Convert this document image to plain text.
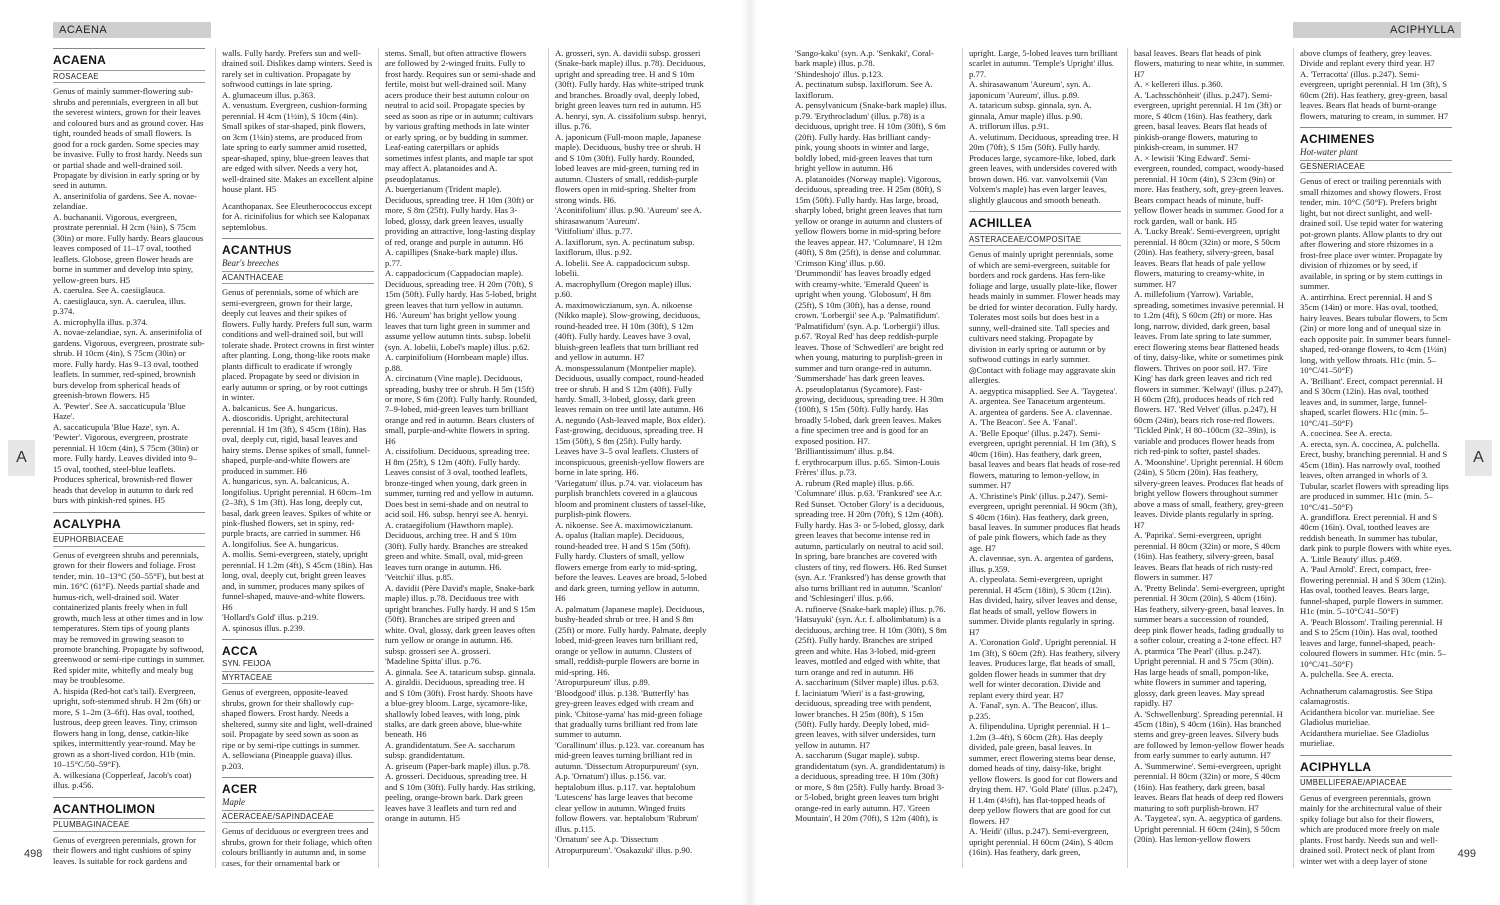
ACAENA	ACIPHYLLA
A	A
498	499
ACAENA
ROSACEAE
Genus of mainly summer-flowering sub-shrubs and perennials, evergreen in all but the severest winters, grown for their leaves and coloured burs and as ground cover. Has tight, rounded heads of small flowers. Is good for a rock garden. Some species may be invasive. Fully to frost hardy. Needs sun or partial shade and well-drained soil. Propagate by division in early spring or by seed in autumn.
A. anserinifolia of gardens. See A. novae-zelandiae.
A. buchananii. Vigorous, evergreen, prostrate perennial. H 2cm (¾in), S 75cm (30in) or more. Fully hardy. Bears glaucous leaves composed of 11–17 oval, toothed leaflets. Globose, green flower heads are borne in summer and develop into spiny, yellow-green burs. H5
A. caerulea. See A. caesiiglauca.
A. caesiiglauca, syn. A. caerulea, illus. p.374.
A. microphylla illus. p.374.
A. novae-zelandiae, syn. A. anserinifolia of gardens. Vigorous, evergreen, prostrate sub-shrub. H 10cm (4in), S 75cm (30in) or more. Fully hardy. Has 9–13 oval, toothed leaflets. In summer, red-spined, brownish burs develop from spherical heads of greenish-brown flowers. H5
A. 'Pewter'. See A. saccaticupula 'Blue Haze'.
A. saccaticupula 'Blue Haze', syn. A. 'Pewter'. Vigorous, evergreen, prostrate perennial. H 10cm (4in), S 75cm (30in) or more. Fully hardy. Leaves divided into 9–15 oval, toothed, steel-blue leaflets. Produces spherical, brownish-red flower heads that develop in autumn to dark red burs with pinkish-red spines. H5
ACALYPHA
EUPHORBIACEAE
Genus of evergreen shrubs and perennials, grown for their flowers and foliage. Frost tender, min. 10–13°C (50–55°F), but best at min. 16°C (61°F). Needs partial shade and humus-rich, well-drained soil. Water containerized plants freely when in full growth, much less at other times and in low temperatures. Stem tips of young plants may be removed in growing season to promote branching. Propagate by softwood, greenwood or semi-ripe cuttings in summer. Red spider mite, whitefly and mealy bug may be troublesome.
A. hispida (Red-hot cat's tail). Evergreen, upright, soft-stemmed shrub. H 2m (6ft) or more, S 1–2m (3–6ft). Has oval, toothed, lustrous, deep green leaves. Tiny, crimson flowers hang in long, dense, catkin-like spikes, intermittently year-round. May be grown as a short-lived cordon. H1b (min. 10–15°C/50–59°F).
A. wilkesiana (Copperleaf, Jacob's coat) illus. p.456.
ACANTHOLIMON
PLUMBAGINACEAE
Genus of evergreen perennials, grown for their flowers and tight cushions of spiny leaves. Is suitable for rock gardens and
walls. Fully hardy. Prefers sun and well-drained soil. Dislikes damp winters. Seed is rarely set in cultivation. Propagate by softwood cuttings in late spring.
A. glumaceum illus. p.363.
A. venustum. Evergreen, cushion-forming perennial. H 4cm (1½in), S 10cm (4in). Small spikes of star-shaped, pink flowers, on 3cm (1¼in) stems, are produced from late spring to early summer amid rosetted, spear-shaped, spiny, blue-green leaves that are edged with silver. Needs a very hot, well-drained site. Makes an excellent alpine house plant. H5
Acanthopanax. See Eleutherococcus except for A. ricinifolius for which see Kalopanax septemlobus.
ACANTHUS

Bear's breeches

ACANTHACEAE
Genus of perennials, some of which are semi-evergreen, grown for their large, deeply cut leaves and their spikes of flowers. Fully hardy. Prefers full sun, warm conditions and well-drained soil, but will tolerate shade. Protect crowns in first winter after planting. Long, thong-like roots make plants difficult to eradicate if wrongly placed. Propagate by seed or division in early autumn or spring, or by root cuttings in winter.
A. balcanicus. See A. hungaricus.
A. dioscoridis. Upright, architectural perennial. H 1m (3ft), S 45cm (18in). Has oval, deeply cut, rigid, basal leaves and hairy stems. Dense spikes of small, funnel-shaped, purple-and-white flowers are produced in summer. H6
A. hungaricus, syn. A. balcanicus, A. longifolius. Upright perennial. H 60cm–1m (2–3ft), S 1m (3ft). Has long, deeply cut, basal, dark green leaves. Spikes of white or pink-flushed flowers, set in spiny, red-purple bracts, are carried in summer. H6
A. longifolius. See A. hungaricus.
A. mollis. Semi-evergreen, stately, upright perennial. H 1.2m (4ft), S 45cm (18in). Has long, oval, deeply cut, bright green leaves and, in summer, produces many spikes of funnel-shaped, mauve-and-white flowers. H6
'Hollard's Gold' illus. p.219.
A. spinosus illus. p.239.
ACCA

SYN. FEIJOA

MYRTACEAE
Genus of evergreen, opposite-leaved shrubs, grown for their shallowly cup-shaped flowers. Frost hardy. Needs a sheltered, sunny site and light, well-drained soil. Propagate by seed sown as soon as ripe or by semi-ripe cuttings in summer.
A. sellowiana (Pineapple guava) illus. p.203.
ACER

Maple

ACERACEAE/SAPINDACEAE
Genus of deciduous or evergreen trees and shrubs, grown for their foliage, which often colours brilliantly in autumn and, in some cases, for their ornamental bark or
stems. Small, but often attractive flowers are followed by 2-winged fruits. Fully to frost hardy. Requires sun or semi-shade and fertile, moist but well-drained soil. Many acers produce their best autumn colour on neutral to acid soil. Propagate species by seed as soon as ripe or in autumn; cultivars by various grafting methods in late winter or early spring, or by budding in summer. Leaf-eating caterpillars or aphids sometimes infest plants, and maple tar spot may affect A. platanoides and A. pseudoplatanus.
A. buergerianum (Trident maple). Deciduous, spreading tree. H 10m (30ft) or more, S 8m (25ft). Fully hardy. Has 3-lobed, glossy, dark green leaves, usually providing an attractive, long-lasting display of red, orange and purple in autumn. H6
A. capillipes (Snake-bark maple) illus. p.77.
A. cappadocicum (Cappadocian maple). Deciduous, spreading tree. H 20m (70ft), S 15m (50ft). Fully hardy. Has 5-lobed, bright green leaves that turn yellow in autumn. H6. 'Aureum' has bright yellow young leaves that turn light green in summer and assume yellow autumn tints. subsp. lobelii (syn. A. lobelii, Lobel's maple) illus. p.62.
A. carpinifolium (Hornbeam maple) illus. p.88.
A. circinatum (Vine maple). Deciduous, spreading, bushy tree or shrub. H 5m (15ft) or more, S 6m (20ft). Fully hardy. Rounded, 7–9-lobed, mid-green leaves turn brilliant orange and red in autumn. Bears clusters of small, purple-and-white flowers in spring. H6
A. cissifolium. Deciduous, spreading tree. H 8m (25ft), S 12m (40ft). Fully hardy. Leaves consist of 3 oval, toothed leaflets, bronze-tinged when young, dark green in summer, turning red and yellow in autumn. Does best in semi-shade and on neutral to acid soil. H6. subsp. henryi see A. henryi.
A. crataegifolium (Hawthorn maple). Deciduous, arching tree. H and S 10m (30ft). Fully hardy. Branches are streaked green and white. Small, oval, mid-green leaves turn orange in autumn. H6.
'Veitchii' illus. p.85.
A. davidii (Père David's maple, Snake-bark maple) illus. p.78. Deciduous tree with upright branches. Fully hardy. H and S 15m (50ft). Branches are striped green and white. Oval, glossy, dark green leaves often turn yellow or orange in autumn. H6.
subsp. grosseri see A. grosseri.
'Madeline Spitta' illus. p.76.
A. ginnala. See A. tataricum subsp. ginnala.
A. giraldii. Deciduous, spreading tree. H and S 10m (30ft). Frost hardy. Shoots have a blue-grey bloom. Large, sycamore-like, shallowly lobed leaves, with long, pink stalks, are dark green above, blue-white beneath. H6
A. grandidentatum. See A. saccharum subsp. grandidentatum.
A. griseum (Paper-bark maple) illus. p.78.
A. grosseri. Deciduous, spreading tree. H and S 10m (30ft). Fully hardy. Has striking, peeling, orange-brown bark. Dark green leaves have 3 leaflets and turn red and orange in autumn. H5
A. grosseri, syn. A. davidii subsp. grosseri (Snake-bark maple) illus. p.78). Deciduous, upright and spreading tree. H and S 10m (30ft). Fully hardy. Has white-striped trunk and branches. Broadly oval, deeply lobed, bright green leaves turn red in autumn. H5
A. henryi, syn. A. cissifolium subsp. henryi, illus. p.76.
A. japonicum (Full-moon maple, Japanese maple). Deciduous, bushy tree or shrub. H and S 10m (30ft). Fully hardy. Rounded, lobed leaves are mid-green, turning red in autumn. Clusters of small, reddish-purple flowers open in mid-spring. Shelter from strong winds. H6.
'Aconitifolium' illus. p.90. 'Aureum' see A. shirasawanum 'Aureum'.
'Vitifolium' illus. p.77.
A. laxiflorum, syn. A. pectinatum subsp. laxiflorum, illus. p.92.
A. lobelii. See A. cappadocicum subsp. lobelii.
A. macrophyllum (Oregon maple) illus. p.60.
A. maximowiczianum, syn. A. nikoense (Nikko maple). Slow-growing, deciduous, round-headed tree. H 10m (30ft), S 12m (40ft). Fully hardy. Leaves have 3 oval, bluish-green leaflets that turn brilliant red and yellow in autumn. H7
A. monspessulanum (Montpelier maple). Deciduous, usually compact, round-headed tree or shrub. H and S 12m (40ft). Fully hardy. Small, 3-lobed, glossy, dark green leaves remain on tree until late autumn. H6
A. negundo (Ash-leaved maple, Box elder). Fast-growing, deciduous, spreading tree. H 15m (50ft), S 8m (25ft). Fully hardy. Leaves have 3–5 oval leaflets. Clusters of inconspicuous, greenish-yellow flowers are borne in late spring. H6.
'Variegatum' illus. p.74. var. violaceum has purplish branchlets covered in a glaucous bloom and prominent clusters of tassel-like, purplish-pink flowers.
A. nikoense. See A. maximowiczianum.
A. opalus (Italian maple). Deciduous, round-headed tree. H and S 15m (50ft). Fully hardy. Clusters of small, yellow flowers emerge from early to mid-spring, before the leaves. Leaves are broad, 5-lobed and dark green, turning yellow in autumn. H6
A. palmatum (Japanese maple). Deciduous, bushy-headed shrub or tree. H and S 8m (25ft) or more. Fully hardy. Palmate, deeply lobed, mid-green leaves turn brilliant red, orange or yellow in autumn. Clusters of small, reddish-purple flowers are borne in mid-spring. H6.
'Atropurpureum' illus. p.89.
'Bloodgood' illus. p.138. 'Butterfly' has grey-green leaves edged with cream and pink. 'Chitose-yama' has mid-green foliage that gradually turns brilliant red from late summer to autumn.
'Corallinum' illus. p.123. var. coreanum has mid-green leaves turning brilliant red in autumn. 'Dissectum Atropurpureum' (syn. A.p. 'Ornatum') illus. p.156. var. heptalobum illus. p.117. var. heptalobum 'Lutescens' has large leaves that become clear yellow in autumn. Winged fruits follow flowers. var. heptalobum 'Rubrum' illus. p.115.
'Ornatum' see A.p. 'Dissectum Atropurpureum'. 'Osakazuki' illus. p.90.
'Sango-kaku' (syn. A.p. 'Senkaki', Coral-bark maple) illus. p.78.
'Shindeshojo' illus. p.123.
A. pectinatum subsp. laxiflorum. See A. laxiflorum.
A. pensylvanicum (Snake-bark maple) illus. p.79. 'Erythrocladum' (illus. p.78) is a deciduous, upright tree. H 10m (30ft), S 6m (20ft). Fully hardy. Has brilliant candy-pink, young shoots in winter and large, boldly lobed, mid-green leaves that turn bright yellow in autumn. H6
A. platanoides (Norway maple). Vigorous, deciduous, spreading tree. H 25m (80ft), S 15m (50ft). Fully hardy. Has large, broad, sharply lobed, bright green leaves that turn yellow or orange in autumn and clusters of yellow flowers borne in mid-spring before the leaves appear. H7. 'Columnare', H 12m (40ft), S 8m (25ft), is dense and columnar.
'Crimson King' illus. p.60.
'Drummondii' has leaves broadly edged with creamy-white. 'Emerald Queen' is upright when young. 'Globosum', H 8m (25ft), S 10m (30ft), has a dense, round crown. 'Lorbergii' see A.p. 'Palmatifidum'.
'Palmatifidum' (syn. A.p. 'Lorbergii') illus. p.67. 'Royal Red' has deep reddish-purple leaves. Those of 'Schwedleri' are bright red when young, maturing to purplish-green in summer and turn orange-red in autumn. 'Summershade' has dark green leaves.
A. pseudoplatanus (Sycamore). Fast-growing, deciduous, spreading tree. H 30m (100ft), S 15m (50ft). Fully hardy. Has broadly 5-lobed, dark green leaves. Makes a fine specimen tree and is good for an exposed position. H7.
'Brilliantissimum' illus. p.84.
f. erythrocarpum illus. p.65. 'Simon-Louis Frères' illus. p.73.
A. rubrum (Red maple) illus. p.66.
'Columnare' illus. p.63. 'Franksred' see A.r. Red Sunset. 'October Glory' is a deciduous, spreading tree. H 20m (70ft), S 12m (40ft). Fully hardy. Has 3- or 5-lobed, glossy, dark green leaves that become intense red in autumn, particularly on neutral to acid soil. In spring, bare branches are covered with clusters of tiny, red flowers. H6. Red Sunset (syn. A.r. 'Franksred') has dense growth that also turns brilliant red in autumn. 'Scanlon' and 'Schlesingeri' illus. p.66.
A. rufinerve (Snake-bark maple) illus. p.76. 'Hatsuyuki' (syn. A.r. f. albolimbatum) is a deciduous, arching tree. H 10m (30ft), S 8m (25ft). Fully hardy. Branches are striped green and white. Has 3-lobed, mid-green leaves, mottled and edged with white, that turn orange and red in autumn. H6
A. saccharinum (Silver maple) illus. p.63.
f. laciniatum 'Wieri' is a fast-growing, deciduous, spreading tree with pendent, lower branches. H 25m (80ft), S 15m (50ft). Fully hardy. Deeply lobed, mid-green leaves, with silver undersides, turn yellow in autumn. H7
A. saccharum (Sugar maple). subsp. grandidentatum (syn. A. grandidentatum) is a deciduous, spreading tree. H 10m (30ft) or more, S 8m (25ft). Fully hardy. Broad 3- or 5-lobed, bright green leaves turn bright orange-red in early autumn. H7. 'Green Mountain', H 20m (70ft), S 12m (40ft), is
upright. Large, 5-lobed leaves turn brilliant scarlet in autumn. 'Temple's Upright' illus. p.77.
A. shirasawanum 'Aureum', syn. A. japonicum 'Aureum', illus. p.89.
A. tataricum subsp. ginnala, syn. A. ginnala, Amur maple) illus. p.90.
A. triflorum illus. p.91.
A. velutinum. Deciduous, spreading tree. H 20m (70ft), S 15m (50ft). Fully hardy. Produces large, sycamore-like, lobed, dark green leaves, with undersides covered with brown down. H6. var. vanvolxemii (Van Volxem's maple) has even larger leaves, slightly glaucous and smooth beneath.
ACHILLEA
ASTERACEAE/COMPOSITAE
Genus of mainly upright perennials, some of which are semi-evergreen, suitable for borders and rock gardens. Has fern-like foliage and large, usually plate-like, flower heads mainly in summer. Flower heads may be dried for winter decoration. Fully hardy. Tolerates most soils but does best in a sunny, well-drained site. Tall species and cultivars need staking. Propagate by division in early spring or autumn or by softwood cuttings in early summer.
◎Contact with foliage may aggravate skin allergies.
A. aegyptica misapplied. See A. 'Taygetea'.
A. argentea. See Tanacetum argenteum.
A. argentea of gardens. See A. clavennae.
A. 'The Beacon'. See A. 'Fanal'.
A. 'Belle Epoque' (illus. p.247). Semi-evergreen, upright perennial. H 1m (3ft), S 40cm (16in). Has feathery, dark green, basal leaves and bears flat heads of rose-red flowers, maturing to lemon-yellow, in summer. H7
A. 'Christine's Pink' (illus. p.247). Semi-evergreen, upright perennial. H 90cm (3ft), S 40cm (16in). Has feathery, dark green, basal leaves. In summer produces flat heads of pale pink flowers, which fade as they age. H7
A. clavennae, syn. A. argentea of gardens, illus. p.359.
A. clypeolata. Semi-evergreen, upright perennial. H 45cm (18in), S 30cm (12in). Has divided, hairy, silver leaves and dense, flat heads of small, yellow flowers in summer. Divide plants regularly in spring. H7
A. 'Coronation Gold'. Upright perennial. H 1m (3ft), S 60cm (2ft). Has feathery, silvery leaves. Produces large, flat heads of small, golden flower heads in summer that dry well for winter decoration. Divide and replant every third year. H7
A. 'Fanal', syn. A. 'The Beacon', illus. p.235.
A. filipendulina. Upright perennial. H 1–1.2m (3–4ft), S 60cm (2ft). Has deeply divided, pale green, basal leaves. In summer, erect flowering stems bear dense, domed heads of tiny, daisy-like, bright yellow flowers. Is good for cut flowers and drying them. H7. 'Gold Plate' (illus. p.247), H 1.4m (4½ft), has flat-topped heads of deep yellow flowers that are good for cut flowers. H7
A. 'Heidi' (illus. p.247). Semi-evergreen, upright perennial. H 60cm (24in), S 40cm (16in). Has feathery, dark green,
basal leaves. Bears flat heads of pink flowers, maturing to near white, in summer. H7
A. × kellereri illus. p.360.
A. 'Lachsschönheit' (illus. p.247). Semi-evergreen, upright perennial. H 1m (3ft) or more, S 40cm (16in). Has feathery, dark green, basal leaves. Bears flat heads of pinkish-orange flowers, maturing to pinkish-cream, in summer. H7
A. × lewisii 'King Edward'. Semi-evergreen, rounded, compact, woody-based perennial. H 10cm (4in), S 23cm (9in) or more. Has feathery, soft, grey-green leaves. Bears compact heads of minute, buff-yellow flower heads in summer. Good for a rock garden, wall or bank. H5
A. 'Lucky Break'. Semi-evergreen, upright perennial. H 80cm (32in) or more, S 50cm (20in). Has feathery, silvery-green, basal leaves. Bears flat heads of pale yellow flowers, maturing to creamy-white, in summer. H7
A. millefolium (Yarrow). Variable, spreading, sometimes invasive perennial. H to 1.2m (4ft), S 60cm (2ft) or more. Has long, narrow, divided, dark green, basal leaves. From late spring to late summer, erect flowering stems bear flattened heads of tiny, daisy-like, white or sometimes pink flowers. Thrives on poor soil. H7. 'Fire King' has dark green leaves and rich red flowers in summer. 'Kelwayi' (illus. p.247), H 60cm (2ft), produces heads of rich red flowers. H7. 'Red Velvet' (illus. p.247), H 60cm (24in), bears rich rose-red flowers. 'Tickled Pink', H 80–100cm (32–39in), is variable and produces flower heads from rich red-pink to softer, pastel shades.
A. 'Moonshine'. Upright perennial. H 60cm (24in), S 50cm (20in). Has feathery, silvery-green leaves. Produces flat heads of bright yellow flowers throughout summer above a mass of small, feathery, grey-green leaves. Divide plants regularly in spring. H7
A. 'Paprika'. Semi-evergreen, upright perennial. H 80cm (32in) or more, S 40cm (16in). Has feathery, silvery-green, basal leaves. Bears flat heads of rich rusty-red flowers in summer. H7
A. 'Pretty Belinda'. Semi-evergreen, upright perennial. H 30cm (20in), S 40cm (16in). Has feathery, silvery-green, basal leaves. In summer bears a succession of rounded, deep pink flower heads, fading gradually to a softer colour, creating a 2-tone effect. H7
A. ptarmica 'The Pearl' (illus. p.247). Upright perennial. H and S 75cm (30in). Has large heads of small, pompon-like, white flowers in summer and tapering, glossy, dark green leaves. May spread rapidly. H7
A. 'Schwellenburg'. Spreading perennial. H 45cm (18in), S 40cm (16in). Has branched stems and grey-green leaves. Silvery buds are followed by lemon-yellow flower heads from early summer to early autumn. H7
A. 'Summerwine'. Semi-evergreen, upright perennial. H 80cm (32in) or more, S 40cm (16in). Has feathery, dark green, basal leaves. Bears flat heads of deep red flowers maturing to soft purplish-brown. H7
A. 'Taygetea', syn. A. aegyptica of gardens. Upright perennial. H 60cm (24in), S 50cm (20in). Has lemon-yellow flowers
above clumps of feathery, grey leaves. Divide and replant every third year. H7
A. 'Terracotta' (illus. p.247). Semi-evergreen, upright perennial. H 1m (3ft), S 60cm (2ft). Has feathery, grey-green, basal leaves. Bears flat heads of burnt-orange flowers, maturing to cream, in summer. H7
ACHIMENES

Hot-water plant

GESNERIACEAE
Genus of erect or trailing perennials with small rhizomes and showy flowers. Frost tender, min. 10°C (50°F). Prefers bright light, but not direct sunlight, and well-drained soil. Use tepid water for watering pot-grown plants. Allow plants to dry out after flowering and store rhizomes in a frost-free place over winter. Propagate by division of rhizomes or by seed, if available, in spring or by stem cuttings in summer.
A. antirrhina. Erect perennial. H and S 35cm (14in) or more. Has oval, toothed, hairy leaves. Bears tubular flowers, to 5cm (2in) or more long and of unequal size in each opposite pair. In summer bears funnel-shaped, red-orange flowers, to 4cm (1½in) long, with yellow throats. H1c (min. 5–10°C/41–50°F)
A. 'Brilliant'. Erect, compact perennial. H and S 30cm (12in). Has oval, toothed leaves and, in summer, large, funnel-shaped, scarlet flowers. H1c (min. 5–10°C/41–50°F)
A. coccinea. See A. erecta.
A. erecta, syn. A. coccinea, A. pulchella. Erect, bushy, branching perennial. H and S 45cm (18in). Has narrowly oval, toothed leaves, often arranged in whorls of 3. Tubular, scarlet flowers with spreading lips are produced in summer. H1c (min. 5–10°C/41–50°F)
A. grandiflora. Erect perennial. H and S 40cm (16in). Oval, toothed leaves are reddish beneath. In summer has tubular, dark pink to purple flowers with white eyes.
A. 'Little Beauty' illus. p.469.
A. 'Paul Arnold'. Erect, compact, free-flowering perennial. H and S 30cm (12in). Has oval, toothed leaves. Bears large, funnel-shaped, purple flowers in summer. H1c (min. 5–10°C/41–50°F)
A. 'Peach Blossom'. Trailing perennial. H and S to 25cm (10in). Has oval, toothed leaves and large, funnel-shaped, peach-coloured flowers in summer. H1c (min. 5–10°C/41–50°F)
A. pulchella. See A. erecta.
Achnatherum calamagrostis. See Stipa calamagrostis.
Acidanthera bicolor var. murieliae. See Gladiolus murieliae.
Acidanthera murieliae. See Gladiolus murieliae.
ACIPHYLLA
UMBELLIFERAE/APIACEAE
Genus of evergreen perennials, grown mainly for the architectural value of their spiky foliage but also for their flowers, which are produced more freely on male plants. Frost hardy. Needs sun and well-drained soil. Protect neck of plant from winter wet with a deep layer of stone
